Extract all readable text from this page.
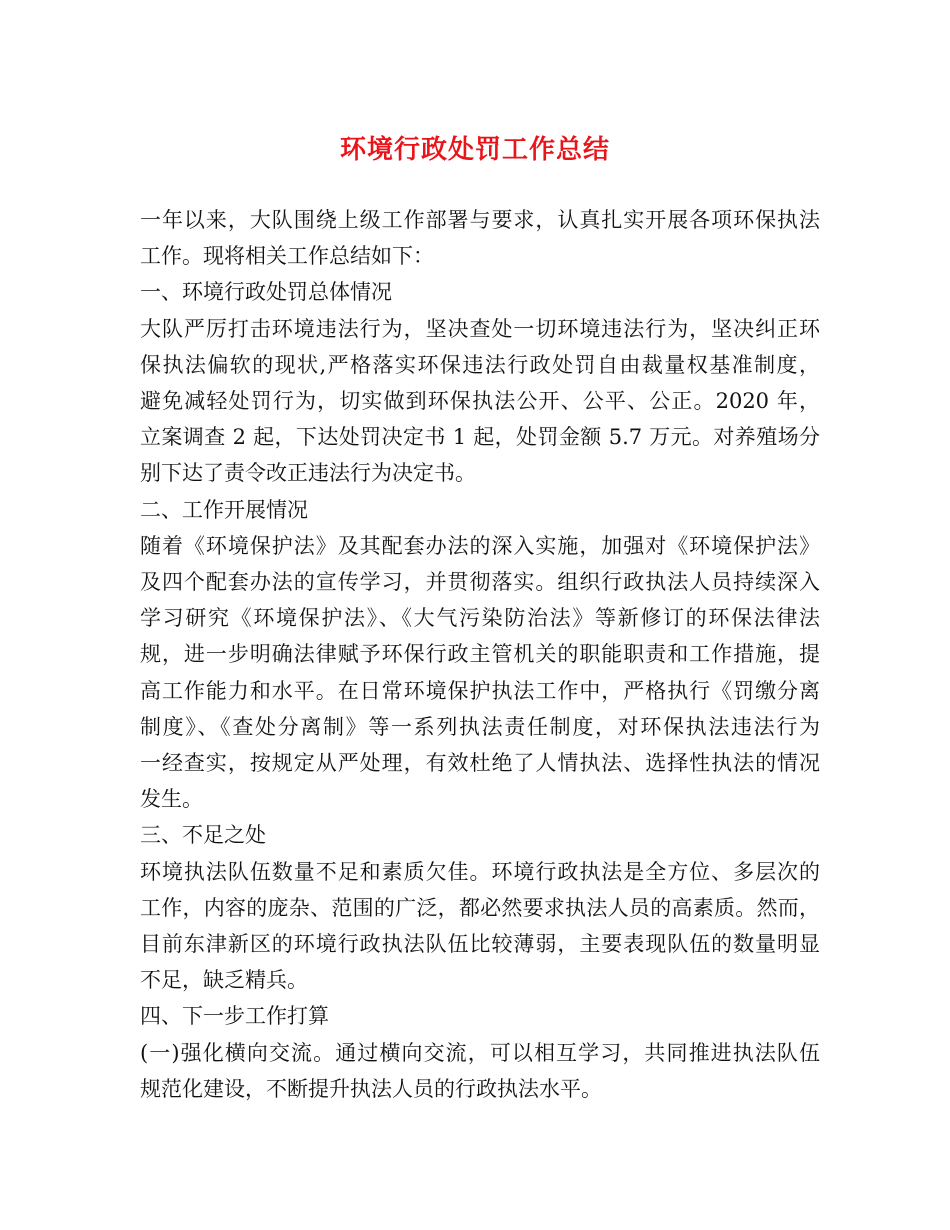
环境行政处罚工作总结
一年以来，大队围绕上级工作部署与要求，认真扎实开展各项环保执法
工作。现将相关工作总结如下：
一、环境行政处罚总体情况
大队严厉打击环境违法行为，坚决查处一切环境违法行为，坚决纠正环
保执法偏软的现状,严格落实环保违法行政处罚自由裁量权基准制度，
避免减轻处罚行为，切实做到环保执法公开、公平、公正。2020 年，
立案调查 2 起，下达处罚决定书 1 起，处罚金额 5.7 万元。对养殖场分
别下达了责令改正违法行为决定书。
二、工作开展情况
随着《环境保护法》及其配套办法的深入实施，加强对《环境保护法》
及四个配套办法的宣传学习，并贯彻落实。组织行政执法人员持续深入
学习研究《环境保护法》、《大气污染防治法》等新修订的环保法律法
规，进一步明确法律赋予环保行政主管机关的职能职责和工作措施，提
高工作能力和水平。在日常环境保护执法工作中，严格执行《罚缴分离
制度》、《查处分离制》等一系列执法责任制度，对环保执法违法行为
一经查实，按规定从严处理，有效杜绝了人情执法、选择性执法的情况
发生。
三、不足之处
环境执法队伍数量不足和素质欠佳。环境行政执法是全方位、多层次的
工作，内容的庞杂、范围的广泛，都必然要求执法人员的高素质。然而，
目前东津新区的环境行政执法队伍比较薄弱，主要表现队伍的数量明显
不足，缺乏精兵。
四、下一步工作打算
(一)强化横向交流。通过横向交流，可以相互学习，共同推进执法队伍
规范化建设，不断提升执法人员的行政执法水平。
